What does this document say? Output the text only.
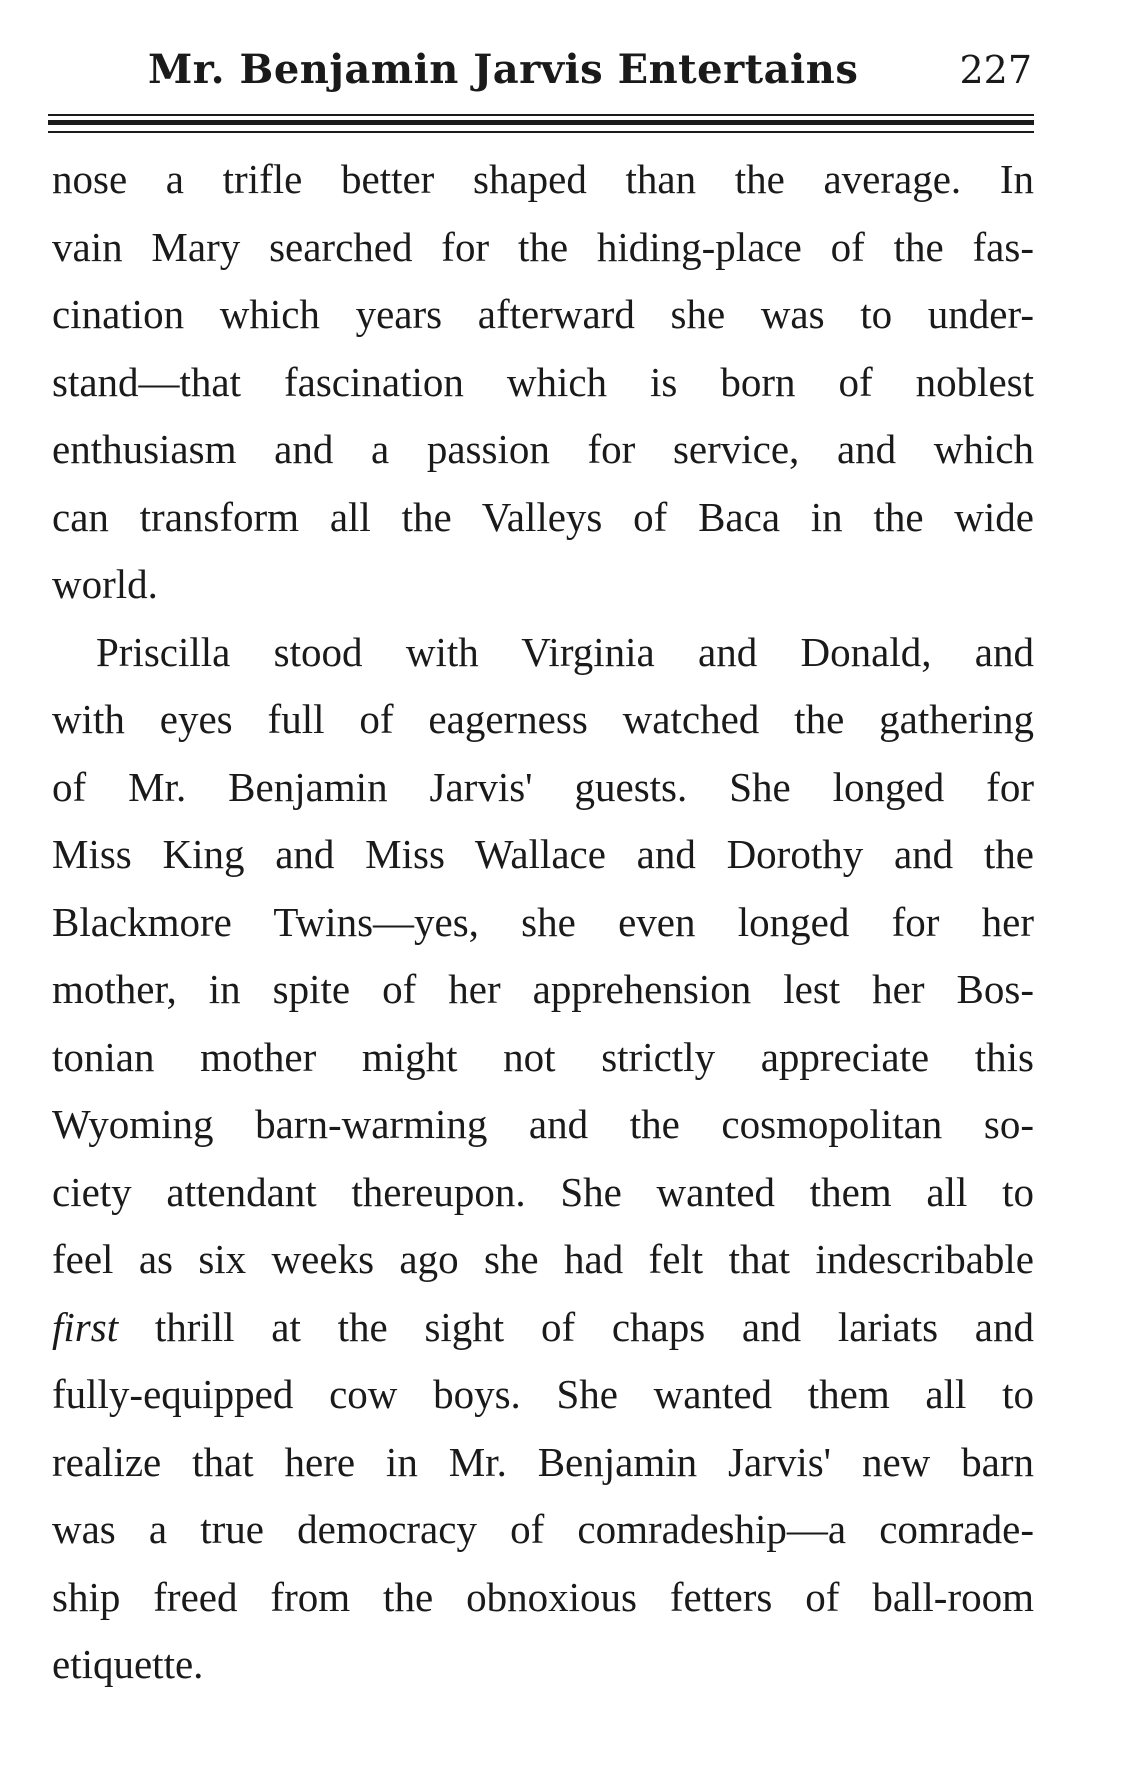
Mr. Benjamin Jarvis Entertains	227
nose a trifle better shaped than the average. In
vain Mary searched for the hiding-place of the fas-
cination which years afterward she was to under-
stand—that fascination which is born of noblest
enthusiasm and a passion for service, and which
can transform all the Valleys of Baca in the wide
world.
Priscilla stood with Virginia and Donald, and
with eyes full of eagerness watched the gathering
of Mr. Benjamin Jarvis' guests. She longed for
Miss King and Miss Wallace and Dorothy and the
Blackmore Twins—yes, she even longed for her
mother, in spite of her apprehension lest her Bos-
tonian mother might not strictly appreciate this
Wyoming barn-warming and the cosmopolitan so-
ciety attendant thereupon. She wanted them all to
feel as six weeks ago she had felt that indescribable
first thrill at the sight of chaps and lariats and
fully-equipped cow boys. She wanted them all to
realize that here in Mr. Benjamin Jarvis' new barn
was a true democracy of comradeship—a comrade-
ship freed from the obnoxious fetters of ball-room
etiquette.
